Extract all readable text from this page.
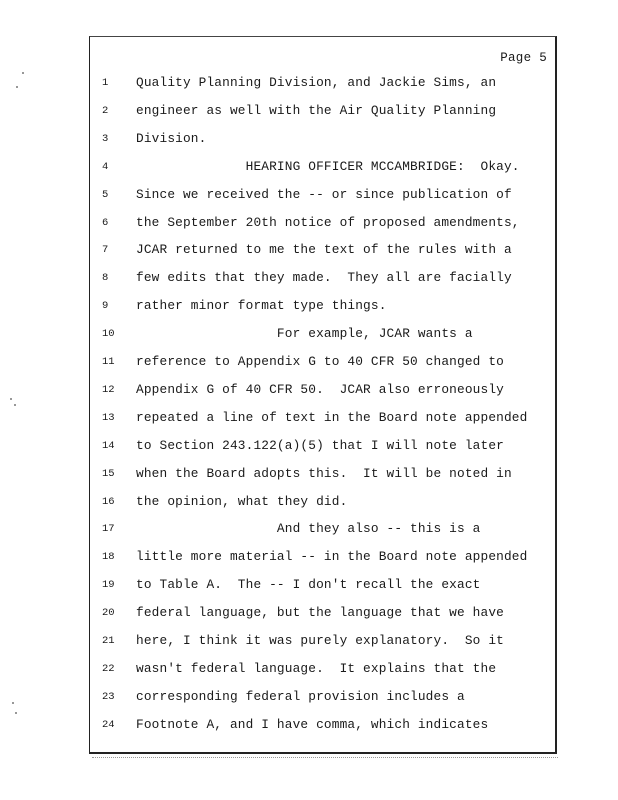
Page 5
1	Quality Planning Division, and Jackie Sims, an
2	engineer as well with the Air Quality Planning
3	Division.
4	HEARING OFFICER MCCAMBRIDGE:  Okay.
5	Since we received the -- or since publication of
6	the September 20th notice of proposed amendments,
7	JCAR returned to me the text of the rules with a
8	few edits that they made.  They all are facially
9	rather minor format type things.
10	For example, JCAR wants a
11	reference to Appendix G to 40 CFR 50 changed to
12	Appendix G of 40 CFR 50.  JCAR also erroneously
13	repeated a line of text in the Board note appended
14	to Section 243.122(a)(5) that I will note later
15	when the Board adopts this.  It will be noted in
16	the opinion, what they did.
17	And they also -- this is a
18	little more material -- in the Board note appended
19	to Table A.  The -- I don't recall the exact
20	federal language, but the language that we have
21	here, I think it was purely explanatory.  So it
22	wasn't federal language.  It explains that the
23	corresponding federal provision includes a
24	Footnote A, and I have comma, which indicates
